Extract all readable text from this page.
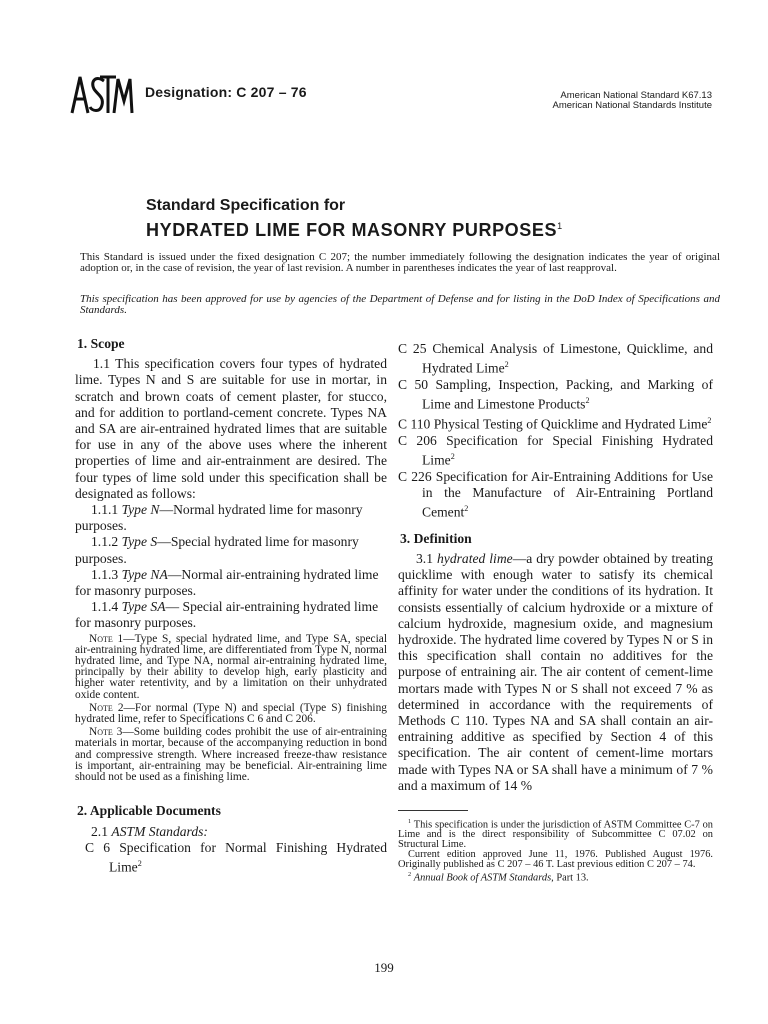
Designation: C 207 – 76	American National Standard K67.13
American National Standards Institute
Standard Specification for
HYDRATED LIME FOR MASONRY PURPOSES$^1$
This Standard is issued under the fixed designation C 207; the number immediately following the designation indicates the year of original adoption or, in the case of revision, the year of last revision. A number in parentheses indicates the year of last reapproval.
This specification has been approved for use by agencies of the Department of Defense and for listing in the DoD Index of Specifications and Standards.
1. Scope

1.1 This specification covers four types of hydrated lime. Types N and S are suitable for use in mortar, in scratch and brown coats of cement plaster, for stucco, and for addition to portland-cement concrete. Types NA and SA are air-entrained hydrated limes that are suitable for use in any of the above uses where the inherent properties of lime and air-entrainment are desired. The four types of lime sold under this specification shall be designated as follows:

1.1.1 Type N—Normal hydrated lime for masonry purposes.

1.1.2 Type S—Special hydrated lime for masonry purposes.

1.1.3 Type NA—Normal air-entraining hydrated lime for masonry purposes.

1.1.4 Type SA— Special air-entraining hydrated lime for masonry purposes.

Note 1—Type S, special hydrated lime, and Type SA, special air-entraining hydrated lime, are differentiated from Type N, normal hydrated lime, and Type NA, normal air-entraining hydrated lime, principally by their ability to develop high, early plasticity and higher water retentivity, and by a limitation on their unhydrated oxide content.

Note 2—For normal (Type N) and special (Type S) finishing hydrated lime, refer to Specifications C 6 and C 206.

Note 3—Some building codes prohibit the use of air-entraining materials in mortar, because of the accompanying reduction in bond and compressive strength. Where increased freeze-thaw resistance is important, air-entraining may be beneficial. Air-entraining lime should not be used as a finishing lime.

2. Applicable Documents

2.1 ASTM Standards:

C 6 Specification for Normal Finishing Hydrated Lime$^2$

C 25 Chemical Analysis of Limestone, Quicklime, and Hydrated Lime$^2$

C 50 Sampling, Inspection, Packing, and Marking of Lime and Limestone Products$^2$

C 110 Physical Testing of Quicklime and Hydrated Lime$^2$

C 206 Specification for Special Finishing Hydrated Lime$^2$

C 226 Specification for Air-Entraining Additions for Use in the Manufacture of Air-Entraining Portland Cement$^2$

3. Definition

3.1 hydrated lime—a dry powder obtained by treating quicklime with enough water to satisfy its chemical affinity for water under the conditions of its hydration. It consists essentially of calcium hydroxide or a mixture of calcium hydroxide, magnesium oxide, and magnesium hydroxide. The hydrated lime covered by Types N or S in this specification shall contain no additives for the purpose of entraining air. The air content of cement-lime mortars made with Types N or S shall not exceed 7 % as determined in accordance with the requirements of Methods C 110. Types NA and SA shall contain an air-entraining additive as specified by Section 4 of this specification. The air content of cement-lime mortars made with Types NA or SA shall have a minimum of 7 % and a maximum of 14 %

$^1$ This specification is under the jurisdiction of ASTM Committee C-7 on Lime and is the direct responsibility of Subcommittee C 07.02 on Structural Lime.

Current edition approved June 11, 1976. Published August 1976. Originally published as C 207 – 46 T. Last previous edition C 207 – 74.

$^2$ Annual Book of ASTM Standards, Part 13.

199
